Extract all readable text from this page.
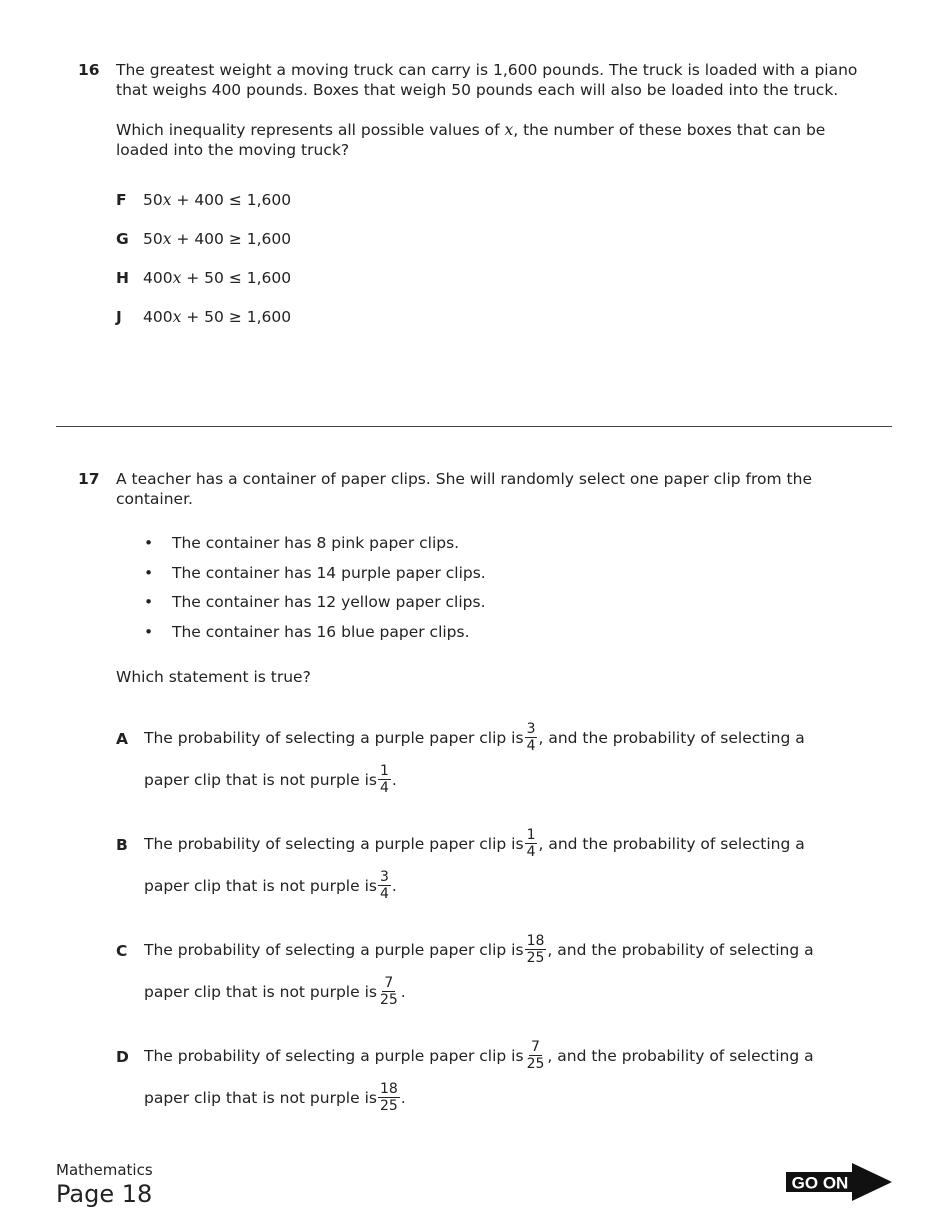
16 The greatest weight a moving truck can carry is 1,600 pounds. The truck is loaded with a piano that weighs 400 pounds. Boxes that weigh 50 pounds each will also be loaded into the truck.

Which inequality represents all possible values of x, the number of these boxes that can be loaded into the moving truck?

F	50x + 400 ≤ 1,600
G 50x + 400 ≥ 1,600
H 400x + 50 ≤ 1,600
J	400x + 50 ≥ 1,600
17 A teacher has a container of paper clips. She will randomly select one paper clip from the container.

• The container has 8 pink paper clips.
• The container has 14 purple paper clips.
• The container has 12 yellow paper clips.
• The container has 16 blue paper clips.

Which statement is true?

A	The probability of selecting a purple paper clip is $\frac{3}{4}$ , and the probability of selecting a
paper clip that is not purple is $\frac{1}{4}$ .
B	The probability of selecting a purple paper clip is $\frac{1}{4}$ , and the probability of selecting a
paper clip that is not purple is $\frac{3}{4}$ .
C	The probability of selecting a purple paper clip is $\frac{18}{25}$ , and the probability of selecting a
paper clip that is not purple is $\frac{7}{25}$ .
D The probability of selecting a purple paper clip is $\frac{7}{25}$ , and the probability of selecting a
paper clip that is not purple is $\frac{18}{25}$ .
Mathematics
Page 18	GO ON
